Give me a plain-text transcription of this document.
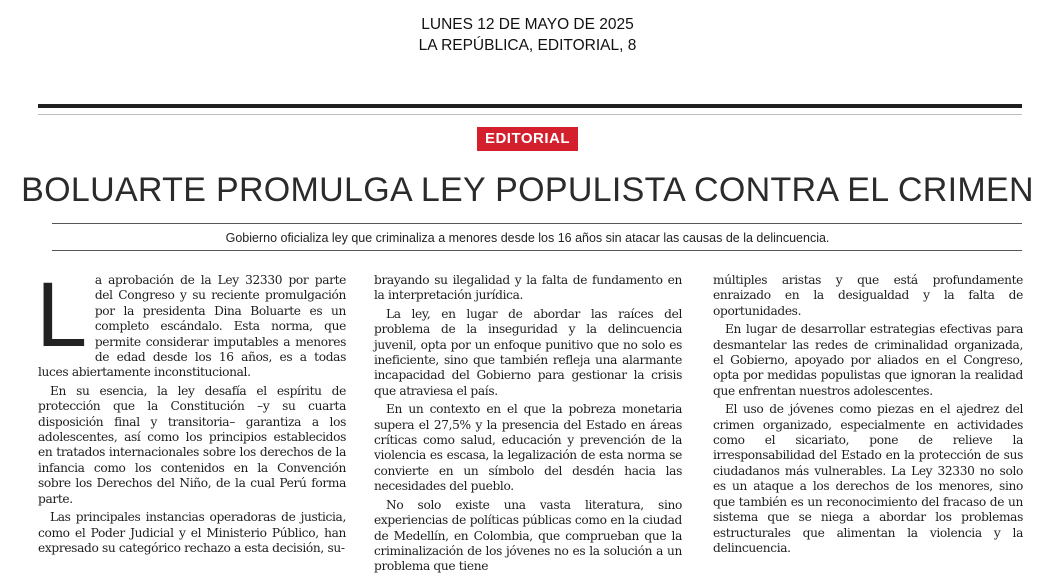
LUNES 12 DE MAYO DE 2025
LA REPÚBLICA, EDITORIAL, 8
EDITORIAL
BOLUARTE PROMULGA LEY POPULISTA CONTRA EL CRIMEN
Gobierno oficializa ley que criminaliza a menores desde los 16 años sin atacar las causas de la delincuencia.
L a aprobación de la Ley 32330 por parte del Congreso y su reciente promulgación por la presidenta Dina Boluarte es un completo escándalo. Esta norma, que permite considerar imputables a menores de edad desde los 16 años, es a todas luces abiertamente inconstitucional.

En su esencia, la ley desafía el espíritu de protección que la Constitución –y su cuarta disposición final y transitoria– garantiza a los adolescentes, así como los principios establecidos en tratados internacionales sobre los derechos de la infancia como los contenidos en la Convención sobre los Derechos del Niño, de la cual Perú forma parte.

Las principales instancias operadoras de justicia, como el Poder Judicial y el Ministerio Público, han expresado su categórico rechazo a esta decisión, su-

brayando su ilegalidad y la falta de fundamento en la interpretación jurídica.

La ley, en lugar de abordar las raíces del problema de la inseguridad y la delincuencia juvenil, opta por un enfoque punitivo que no solo es ineficiente, sino que también refleja una alarmante incapacidad del Gobierno para gestionar la crisis que atraviesa el país.

En un contexto en el que la pobreza monetaria supera el 27,5% y la presencia del Estado en áreas críticas como salud, educación y prevención de la violencia es escasa, la legalización de esta norma se convierte en un símbolo del desdén hacia las necesidades del pueblo.

No solo existe una vasta literatura, sino experiencias de políticas públicas como en la ciudad de Medellín, en Colombia, que comprueban que la criminalización de los jóvenes no es la solución a un problema que tiene

múltiples aristas y que está profundamente enraizado en la desigualdad y la falta de oportunidades.

En lugar de desarrollar estrategias efectivas para desmantelar las redes de criminalidad organizada, el Gobierno, apoyado por aliados en el Congreso, opta por medidas populistas que ignoran la realidad que enfrentan nuestros adolescentes.

El uso de jóvenes como piezas en el ajedrez del crimen organizado, especialmente en actividades como el sicariato, pone de relieve la irresponsabilidad del Estado en la protección de sus ciudadanos más vulnerables. La Ley 32330 no solo es un ataque a los derechos de los menores, sino que también es un reconocimiento del fracaso de un sistema que se niega a abordar los problemas estructurales que alimentan la violencia y la delincuencia.
